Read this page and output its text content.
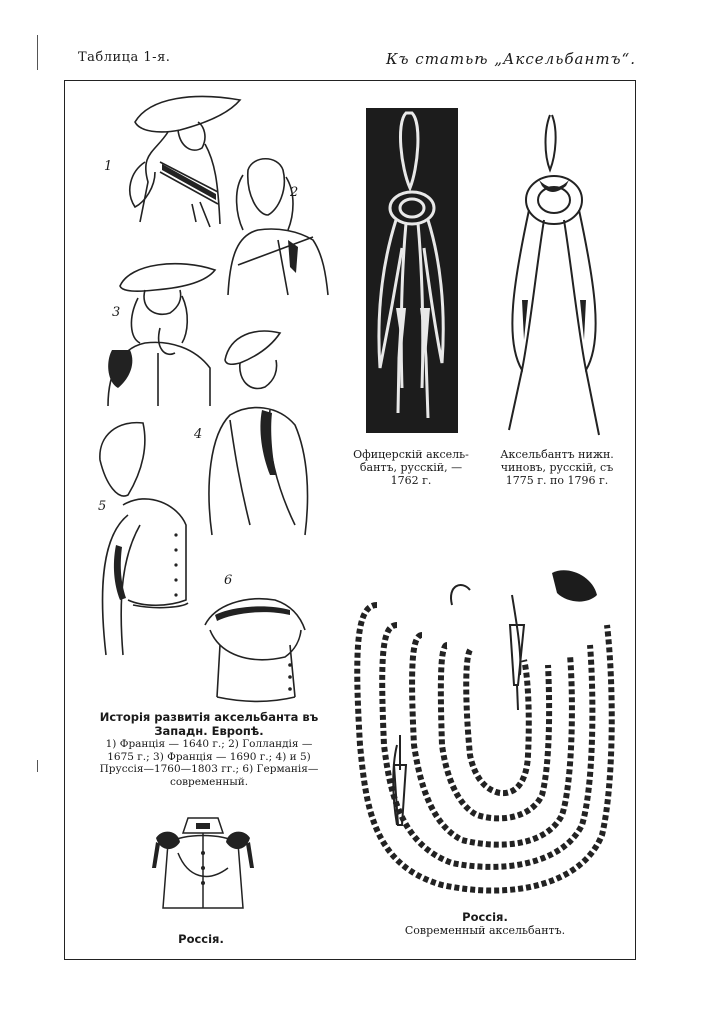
Таблица 1-я.	Къ статьѣ „Аксельбантъ“.
1
2
3
4
5
6
Исторія развитія аксельбанта въ
Западн. Европѣ.
1) Франція — 1640 г.; 2) Голландія —
1675 г.; 3) Франція — 1690 г.; 4) и 5)
Пруссія—1760—1803 гг.; 6) Германія—
современный.
Россія.
Офицерскій аксель-
бантъ, русскій, —
1762 г.
Аксельбантъ нижн.
чиновъ, русскій, съ
1775 г. по 1796 г.
Россія.
Современный аксельбантъ.
